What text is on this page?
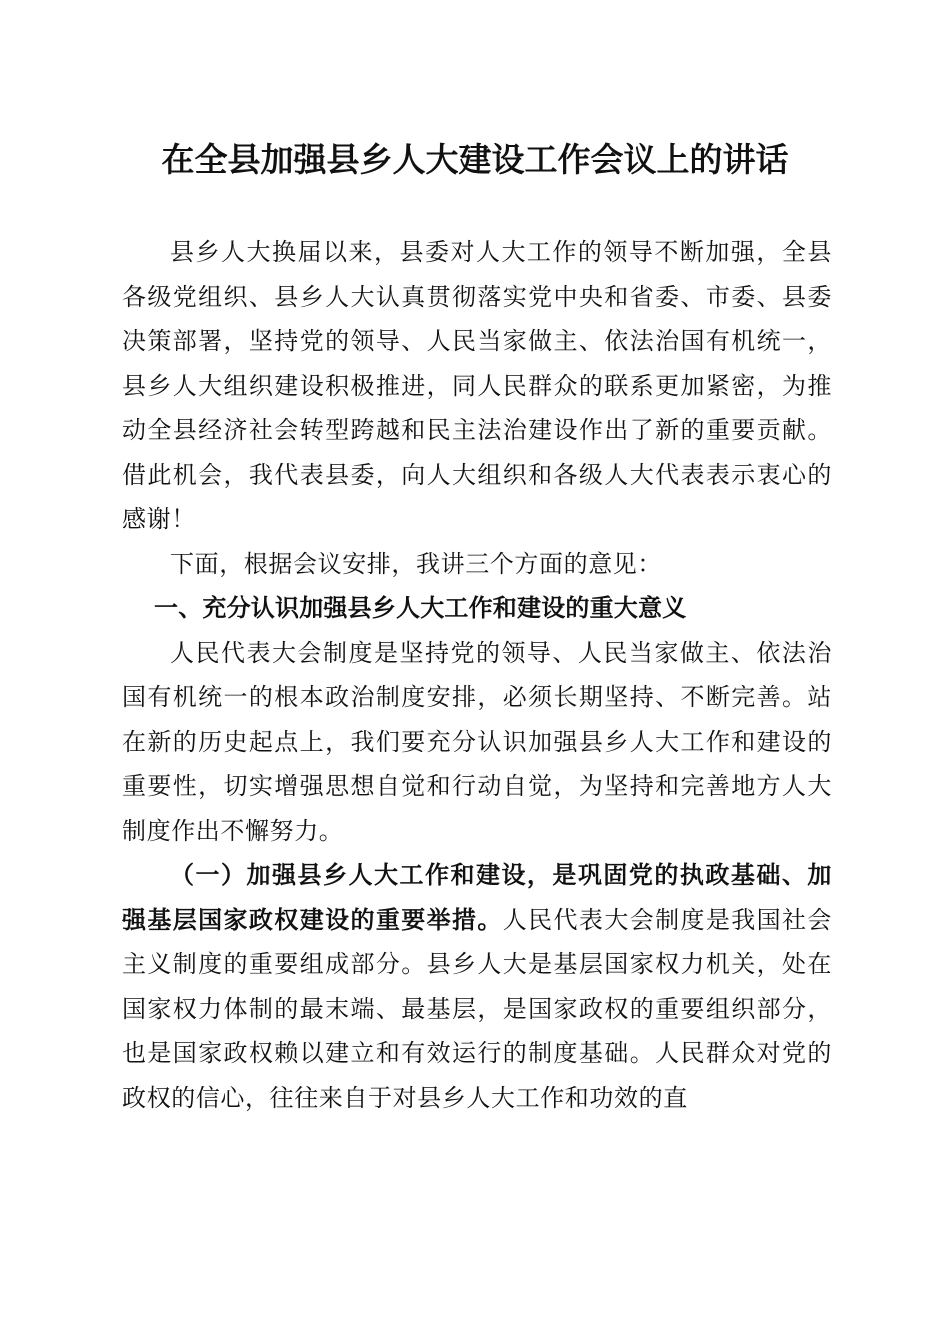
在全县加强县乡人大建设工作会议上的讲话

县乡人大换届以来，县委对人大工作的领导不断加强，全县各级党组织、县乡人大认真贯彻落实党中央和省委、市委、县委决策部署，坚持党的领导、人民当家做主、依法治国有机统一，县乡人大组织建设积极推进，同人民群众的联系更加紧密，为推动全县经济社会转型跨越和民主法治建设作出了新的重要贡献。借此机会，我代表县委，向人大组织和各级人大代表表示衷心的感谢！

下面，根据会议安排，我讲三个方面的意见：

一、充分认识加强县乡人大工作和建设的重大意义

人民代表大会制度是坚持党的领导、人民当家做主、依法治国有机统一的根本政治制度安排，必须长期坚持、不断完善。站在新的历史起点上，我们要充分认识加强县乡人大工作和建设的重要性，切实增强思想自觉和行动自觉，为坚持和完善地方人大制度作出不懈努力。

（一）加强县乡人大工作和建设，是巩固党的执政基础、加强基层国家政权建设的重要举措。人民代表大会制度是我国社会主义制度的重要组成部分。县乡人大是基层国家权力机关，处在国家权力体制的最末端、最基层，是国家政权的重要组织部分，也是国家政权赖以建立和有效运行的制度基础。人民群众对党的政权的信心，往往来自于对县乡人大工作和功效的直
